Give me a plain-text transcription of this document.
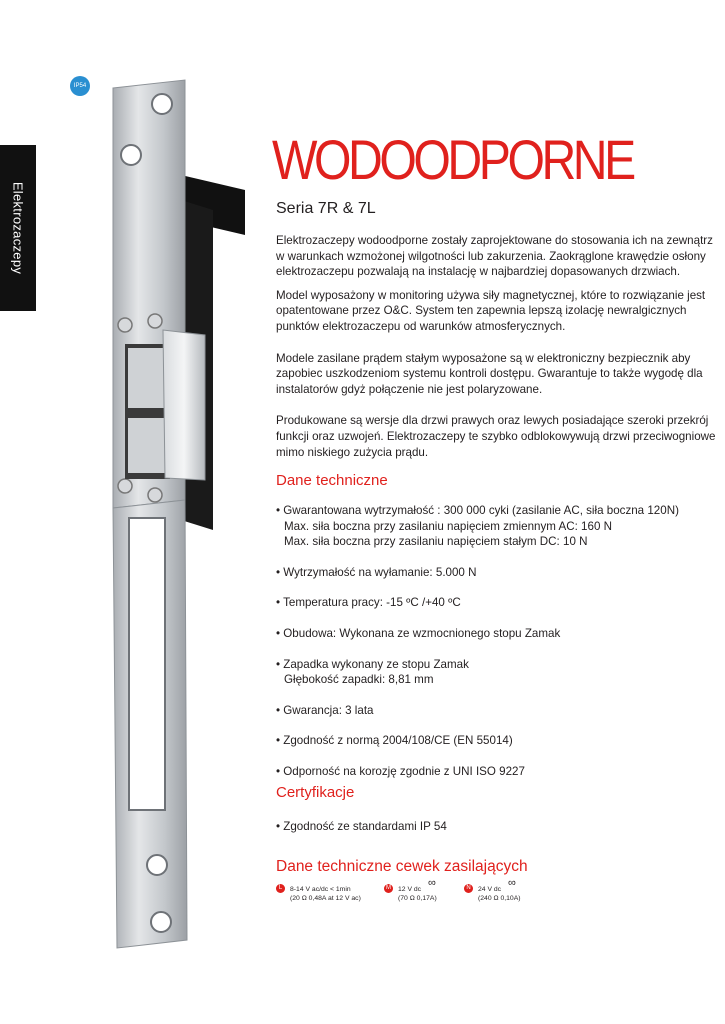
Elektrozaczepy
IP54
WODOODPORNE
Seria 7R & 7L

Elektrozaczepy wodoodporne zostały zaprojektowane do stosowania ich na zewnątrz w warunkach wzmożonej wilgotności lub zakurzenia. Zaokrąglone krawędzie osłony elektrozaczepu pozwalają na instalację w najbardziej dopasowanych drzwiach.

Model wyposażony w monitoring używa siły magnetycznej, które to rozwiązanie jest opatentowane przez O&C. System ten zapewnia lepszą izolację newralgicznych punktów elektrozaczepu od warunków atmosferycznych.

Modele zasilane prądem stałym wyposażone są w elektroniczny bezpiecznik aby zapobiec uszkodzeniom systemu kontroli dostępu. Gwarantuje to także wygodę dla instalatorów gdyż połączenie nie jest polaryzowane.

Produkowane są wersje dla drzwi prawych oraz lewych posiadające szeroki przekrój funkcji oraz uzwojeń. Elektrozaczepy te szybko odblokowywują drzwi przeciwogniowe mimo niskiego zużycia prądu.

Dane techniczne
• Gwarantowana wytrzymałość : 300 000 cyki (zasilanie AC, siła boczna 120N)
Max. siła boczna przy zasilaniu napięciem zmiennym AC: 160 N
Max. siła boczna przy zasilaniu napięciem stałym DC: 10 N
• Wytrzymałość na wyłamanie: 5.000 N
• Temperatura pracy: -15 ºC /+40 ºC
• Obudowa: Wykonana ze wzmocnionego stopu Zamak
• Zapadka wykonany ze stopu Zamak
Głębokość zapadki: 8,81 mm
• Gwarancja: 3 lata
• Zgodność z normą 2004/108/CE (EN 55014)
• Odporność na korozję zgodnie z UNI ISO 9227
Certyfikacje
• Zgodność ze standardami IP 54
Dane techniczne cewek zasilających
L	8-14 V ac/dc < 1min
(20 Ω 0,48A at 12 V ac)
M 12 V dc
(70 Ω 0,17A)
∞	N	24 V dc
(240 Ω 0,10A)
∞
